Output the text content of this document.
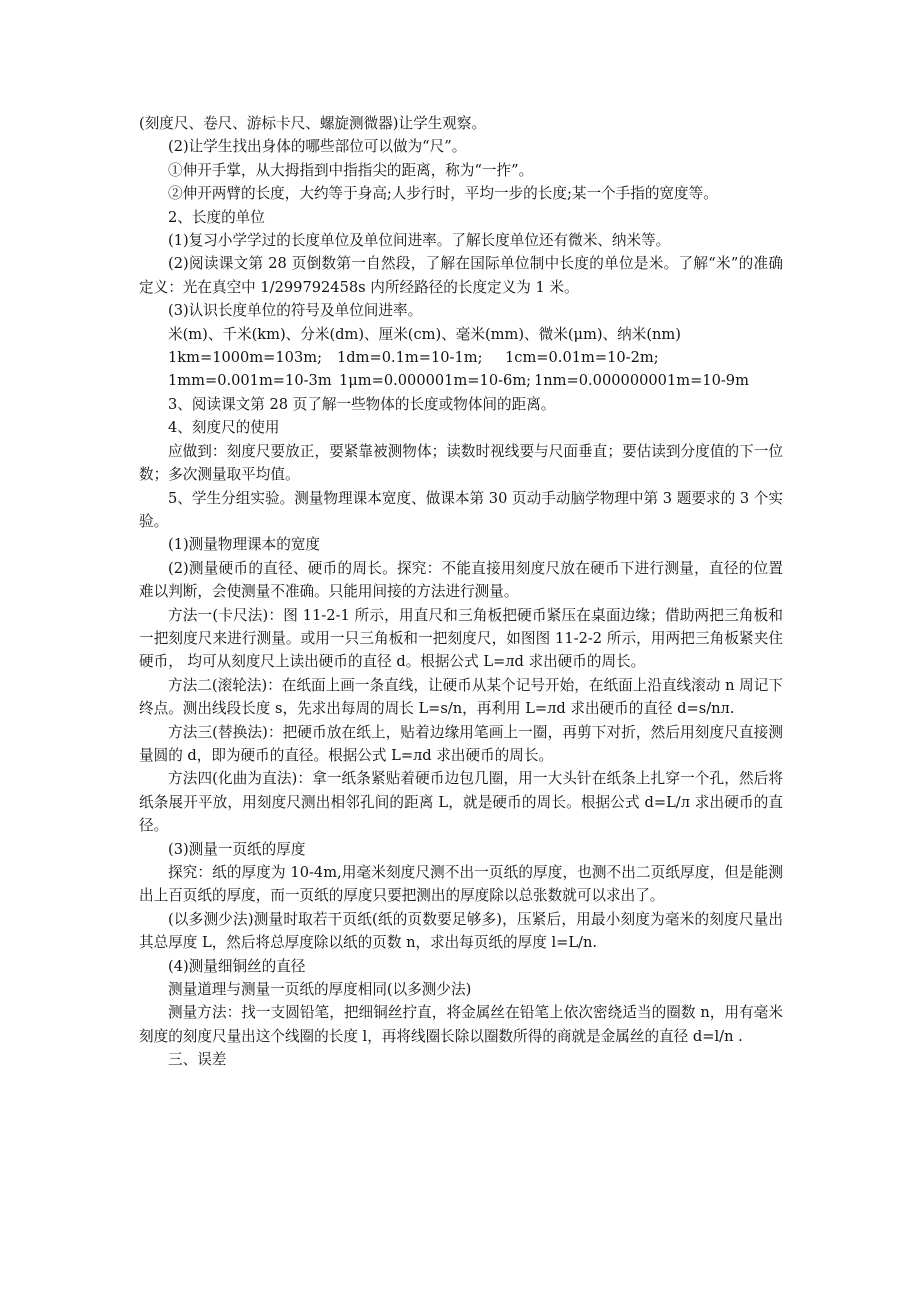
(刻度尺、卷尺、游标卡尺、螺旋测微器)让学生观察。

(2)让学生找出身体的哪些部位可以做为“尺”。

①伸开手掌，从大拇指到中指指尖的距离，称为“一拃”。

②伸开两臂的长度，大约等于身高;人步行时，平均一步的长度;某一个手指的宽度等。

2、长度的单位

(1)复习小学学过的长度单位及单位间进率。了解长度单位还有微米、纳米等。

(2)阅读课文第 28 页倒数第一自然段，了解在国际单位制中长度的单位是米。了解“米”的准确定义：光在真空中 1/299792458s 内所经路径的长度定义为 1 米。

(3)认识长度单位的符号及单位间进率。

米(m)、千米(km)、分米(dm)、厘米(cm)、毫米(mm)、微米(μm)、纳米(nm)

1km=1000m=103m;	1dm=0.1m=10-1m;	1cm=0.01m=10-2m;
1mm=0.001m=10-3m 1μm=0.000001m=10-6m; 1nm=0.000000001m=10-9m

3、阅读课文第 28 页了解一些物体的长度或物体间的距离。

4、刻度尺的使用

应做到：刻度尺要放正，要紧靠被测物体；读数时视线要与尺面垂直；要估读到分度值的下一位数；多次测量取平均值。

5、学生分组实验。测量物理课本宽度、做课本第 30 页动手动脑学物理中第 3 题要求的 3 个实验。

(1)测量物理课本的宽度

(2)测量硬币的直径、硬币的周长。探究：不能直接用刻度尺放在硬币下进行测量，直径的位置难以判断，会使测量不准确。只能用间接的方法进行测量。

方法一(卡尺法)：图 11-2-1 所示，用直尺和三角板把硬币紧压在桌面边缘；借助两把三角板和一把刻度尺来进行测量。或用一只三角板和一把刻度尺，如图图 11-2-2 所示，用两把三角板紧夹住硬币， 均可从刻度尺上读出硬币的直径 d。根据公式 L=лd 求出硬币的周长。

方法二(滚轮法)：在纸面上画一条直线，让硬币从某个记号开始，在纸面上沿直线滚动 n 周记下终点。测出线段长度 s，先求出每周的周长 L=s/n，再利用 L=лd 求出硬币的直径 d=s/nл.

方法三(替换法)：把硬币放在纸上，贴着边缘用笔画上一圈，再剪下对折，然后用刻度尺直接测量圆的 d，即为硬币的直径。根据公式 L=лd 求出硬币的周长。

方法四(化曲为直法)：拿一纸条紧贴着硬币边包几圈，用一大头针在纸条上扎穿一个孔，然后将纸条展开平放，用刻度尺测出相邻孔间的距离 L，就是硬币的周长。根据公式 d=L/л 求出硬币的直径。

(3)测量一页纸的厚度

探究：纸的厚度为 10-4m,用毫米刻度尺测不出一页纸的厚度，也测不出二页纸厚度，但是能测出上百页纸的厚度，而一页纸的厚度只要把测出的厚度除以总张数就可以求出了。

(以多测少法)测量时取若干页纸(纸的页数要足够多)，压紧后，用最小刻度为毫米的刻度尺量出其总厚度 L，然后将总厚度除以纸的页数 n，求出每页纸的厚度 l=L/n.

(4)测量细铜丝的直径

测量道理与测量一页纸的厚度相同(以多测少法)

测量方法：找一支圆铅笔，把细铜丝拧直，将金属丝在铅笔上依次密绕适当的圈数 n，用有毫米刻度的刻度尺量出这个线圈的长度 l，再将线圈长除以圈数所得的商就是金属丝的直径 d=l/n .

三、误差
